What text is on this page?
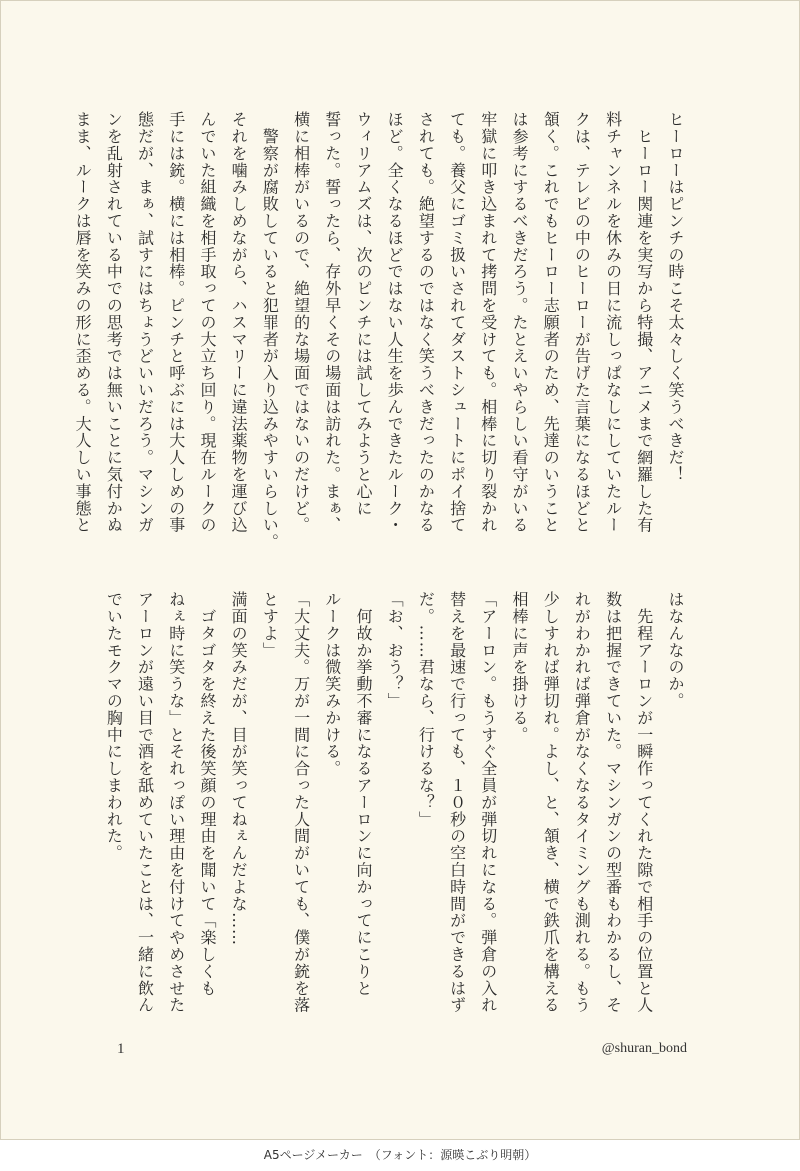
ヒーローはピンチの時こそ太々しく笑うべきだ！
　ヒーロー関連を実写から特撮、アニメまで網羅した有
料チャンネルを休みの日に流しっぱなしにしていたルー
クは、テレビの中のヒーローが告げた言葉になるほどと
頷く。これでもヒーロー志願者のため、先達のいうこと
は参考にするべきだろう。たとえいやらしい看守がいる
牢獄に叩き込まれて拷問を受けても。相棒に切り裂かれ
ても。養父にゴミ扱いされてダストシュートにポイ捨て
されても。絶望するのではなく笑うべきだったのかなる
ほど。全くなるほどではない人生を歩んできたルーク・
ウィリアムズは、次のピンチには試してみようと心に
誓った。誓ったら、存外早くその場面は訪れた。まぁ、
横に相棒がいるので、絶望的な場面ではないのだけど。
　警察が腐敗していると犯罪者が入り込みやすいらしい。
それを噛みしめながら、ハスマリーに違法薬物を運び込
んでいた組織を相手取っての大立ち回り。現在ルークの
手には銃。横には相棒。ピンチと呼ぶには大人しめの事
態だが、まぁ、試すにはちょうどいいだろう。マシンガ
ンを乱射されている中での思考では無いことに気付かぬ
まま、ルークは唇を笑みの形に歪める。大人しい事態と
はなんなのか。
　先程アーロンが一瞬作ってくれた隙で相手の位置と人
数は把握できていた。マシンガンの型番もわかるし、そ
れがわかれば弾倉がなくなるタイミングも測れる。もう
少しすれば弾切れ。よし、と、頷き、横で鉄爪を構える
相棒に声を掛ける。
「アーロン。もうすぐ全員が弾切れになる。弾倉の入れ
替えを最速で行っても、１０秒の空白時間ができるはず
だ。……君なら、行けるな？」
「お、おう？」
　何故か挙動不審になるアーロンに向かってにこりと
ルークは微笑みかける。
「大丈夫。万が一間に合った人間がいても、僕が銃を落
とすよ」
満面の笑みだが、目が笑ってねぇんだよな……
　ゴタゴタを終えた後笑顔の理由を聞いて「楽しくも
ねぇ時に笑うな」とそれっぽい理由を付けてやめさせた
アーロンが遠い目で酒を舐めていたことは、一緒に飲ん
でいたモクマの胸中にしまわれた。
1	@shuran_bond
A5ページメーカー　（フォント：源暎こぶり明朝）
